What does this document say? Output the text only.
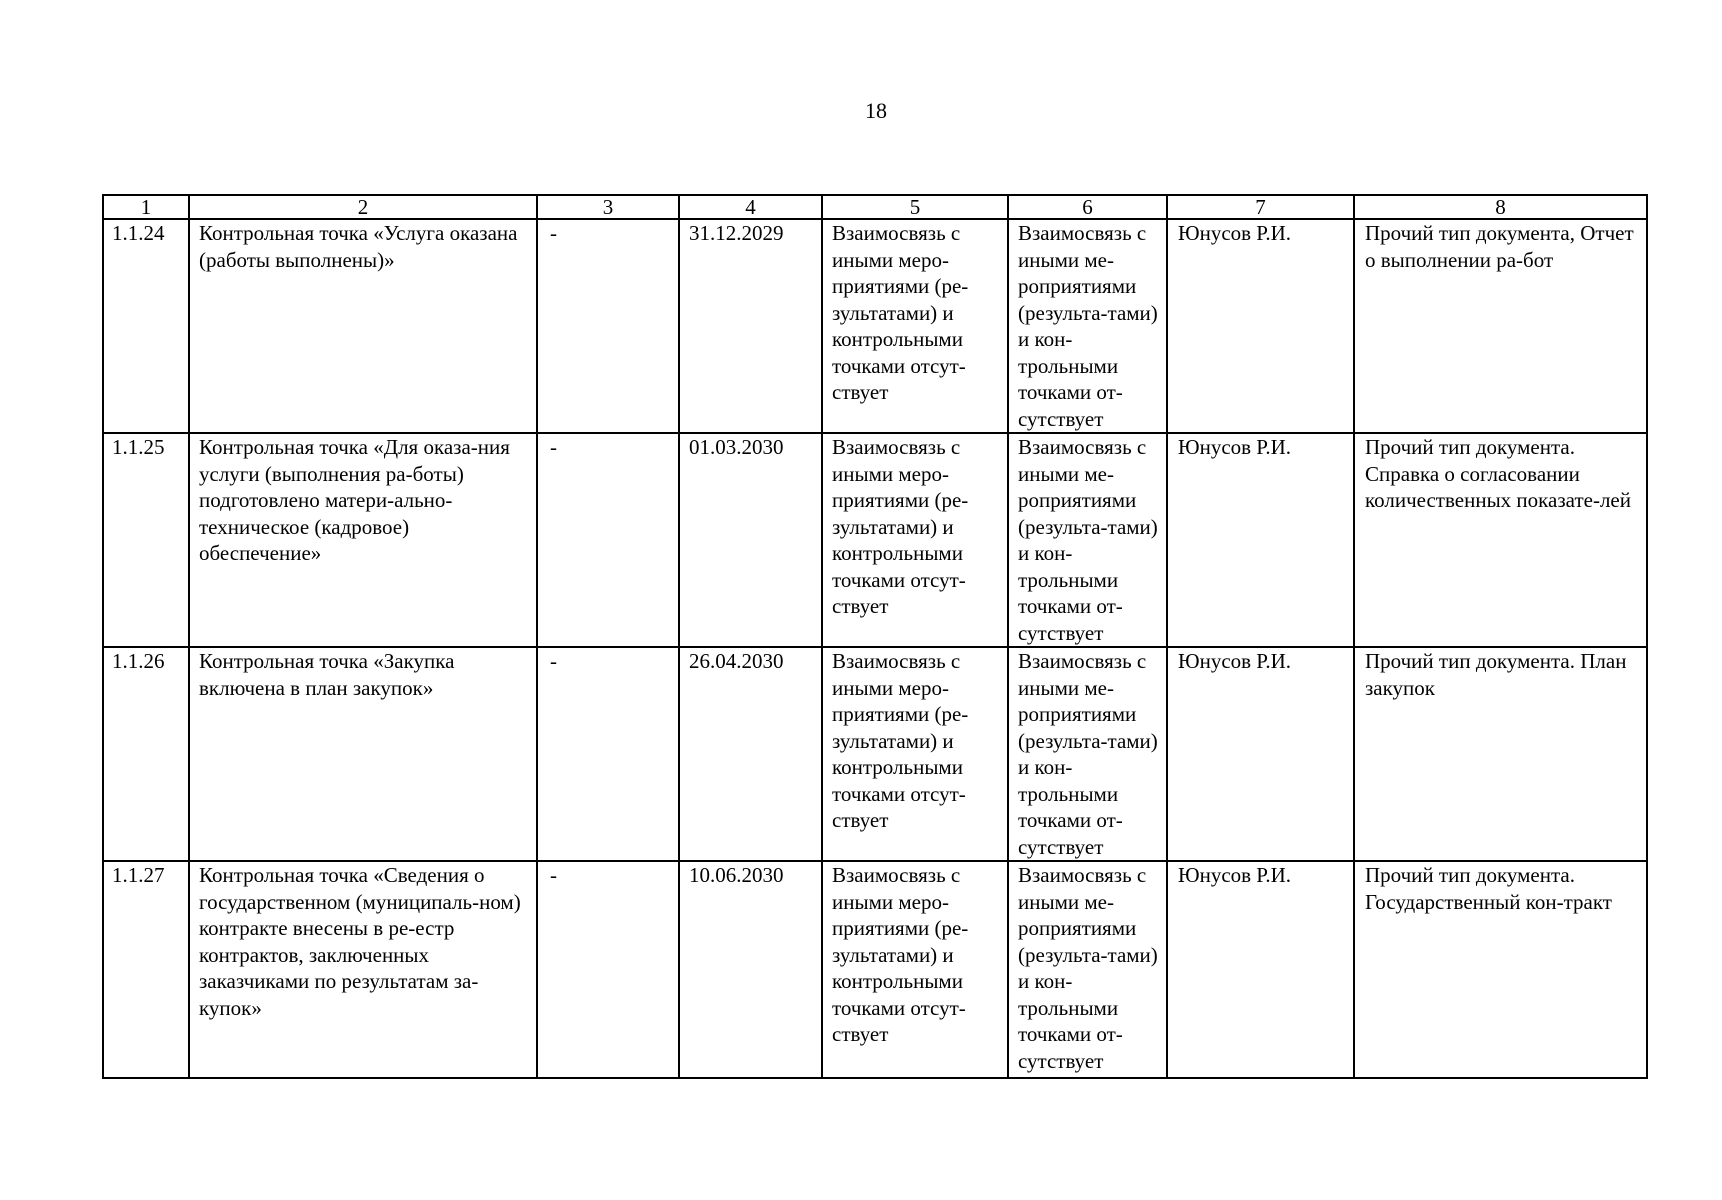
18
1	2	3	4	5	6	7	8
1.1.24	Контрольная точка «Услуга оказана (работы выполнены)»	-	31.12.2029	Взаимосвязь с иными меро-приятиями (ре-зультатами) и контрольными точками отсут-ствует	Взаимосвязь с иными ме-роприятиями (результа-тами) и кон-трольными точками от-сутствует	Юнусов Р.И.	Прочий тип документа, Отчет о выполнении ра-бот
1.1.25	Контрольная точка «Для оказа-ния услуги (выполнения ра-боты) подготовлено матери-ально-техническое (кадровое) обеспечение»	-	01.03.2030	Взаимосвязь с иными меро-приятиями (ре-зультатами) и контрольными точками отсут-ствует	Взаимосвязь с иными ме-роприятиями (результа-тами) и кон-трольными точками от-сутствует	Юнусов Р.И.	Прочий тип документа. Справка о согласовании количественных показате-лей
1.1.26	Контрольная точка «Закупка включена в план закупок»	-	26.04.2030	Взаимосвязь с иными меро-приятиями (ре-зультатами) и контрольными точками отсут-ствует	Взаимосвязь с иными ме-роприятиями (результа-тами) и кон-трольными точками от-сутствует	Юнусов Р.И.	Прочий тип документа. План закупок
1.1.27	Контрольная точка «Сведения о государственном (муниципаль-ном) контракте внесены в ре-естр контрактов, заключенных заказчиками по результатам за-купок»	-	10.06.2030	Взаимосвязь с иными меро-приятиями (ре-зультатами) и контрольными точками отсут-ствует	Взаимосвязь с иными ме-роприятиями (результа-тами) и кон-трольными точками от-сутствует	Юнусов Р.И.	Прочий тип документа. Государственный кон-тракт
